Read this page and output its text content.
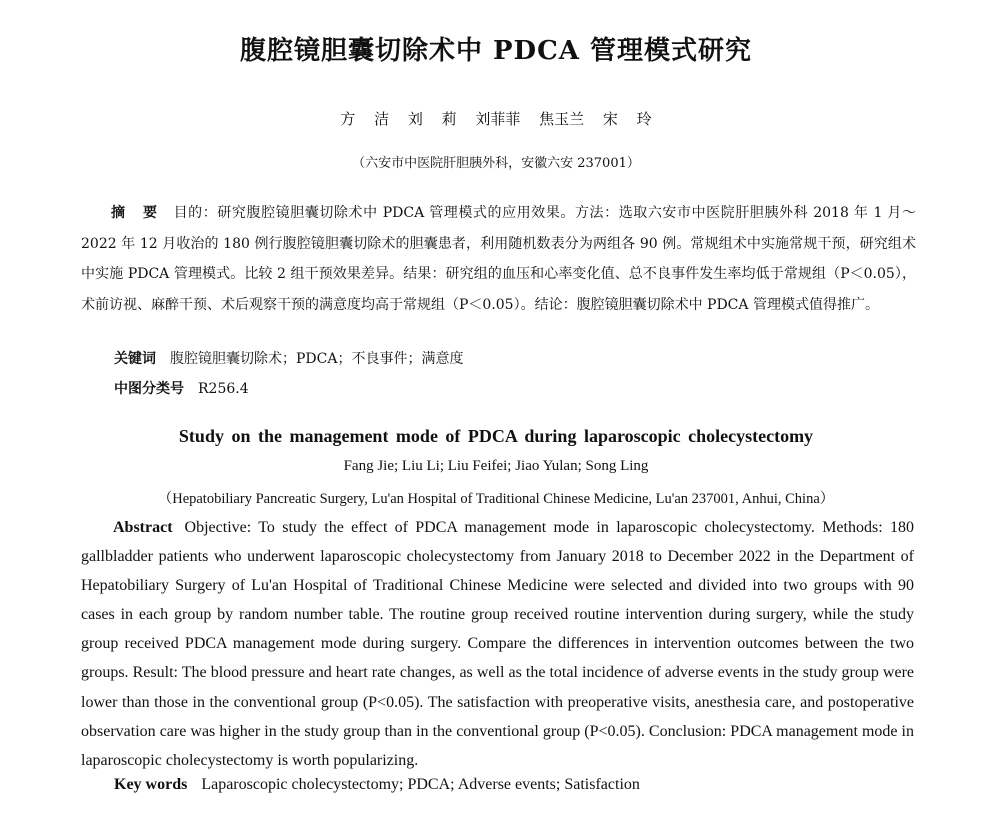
腹腔镜胆囊切除术中 PDCA 管理模式研究
方 洁 刘 莉 刘菲菲 焦玉兰 宋 玲
（六安市中医院肝胆胰外科，安徽六安 237001）
摘 要 目的：研究腹腔镜胆囊切除术中 PDCA 管理模式的应用效果。方法：选取六安市中医院肝胆胰外科 2018 年 1 月～2022 年 12 月收治的 180 例行腹腔镜胆囊切除术的胆囊患者，利用随机数表分为两组各 90 例。常规组术中实施常规干预，研究组术中实施 PDCA 管理模式。比较 2 组干预效果差异。结果：研究组的血压和心率变化值、总不良事件发生率均低于常规组（P＜0.05），术前访视、麻醉干预、术后观察干预的满意度均高于常规组（P＜0.05）。结论：腹腔镜胆囊切除术中 PDCA 管理模式值得推广。
关键词 腹腔镜胆囊切除术；PDCA；不良事件；满意度
中图分类号 R256.4
Study on the management mode of PDCA during laparoscopic cholecystectomy
Fang Jie; Liu Li; Liu Feifei; Jiao Yulan; Song Ling
（Hepatobiliary Pancreatic Surgery, Lu'an Hospital of Traditional Chinese Medicine, Lu'an 237001, Anhui, China）
Abstract Objective: To study the effect of PDCA management mode in laparoscopic cholecystectomy. Methods: 180 gallbladder patients who underwent laparoscopic cholecystectomy from January 2018 to December 2022 in the Department of Hepatobiliary Surgery of Lu'an Hospital of Traditional Chinese Medicine were selected and divided into two groups with 90 cases in each group by random number table. The routine group received routine intervention during surgery, while the study group received PDCA management mode during surgery. Compare the differences in intervention outcomes between the two groups. Result: The blood pressure and heart rate changes, as well as the total incidence of adverse events in the study group were lower than those in the conventional group (P<0.05). The satisfaction with preoperative visits, anesthesia care, and postoperative observation care was higher in the study group than in the conventional group (P<0.05). Conclusion: PDCA management mode in laparoscopic cholecystectomy is worth popularizing.
Key words Laparoscopic cholecystectomy; PDCA; Adverse events; Satisfaction
